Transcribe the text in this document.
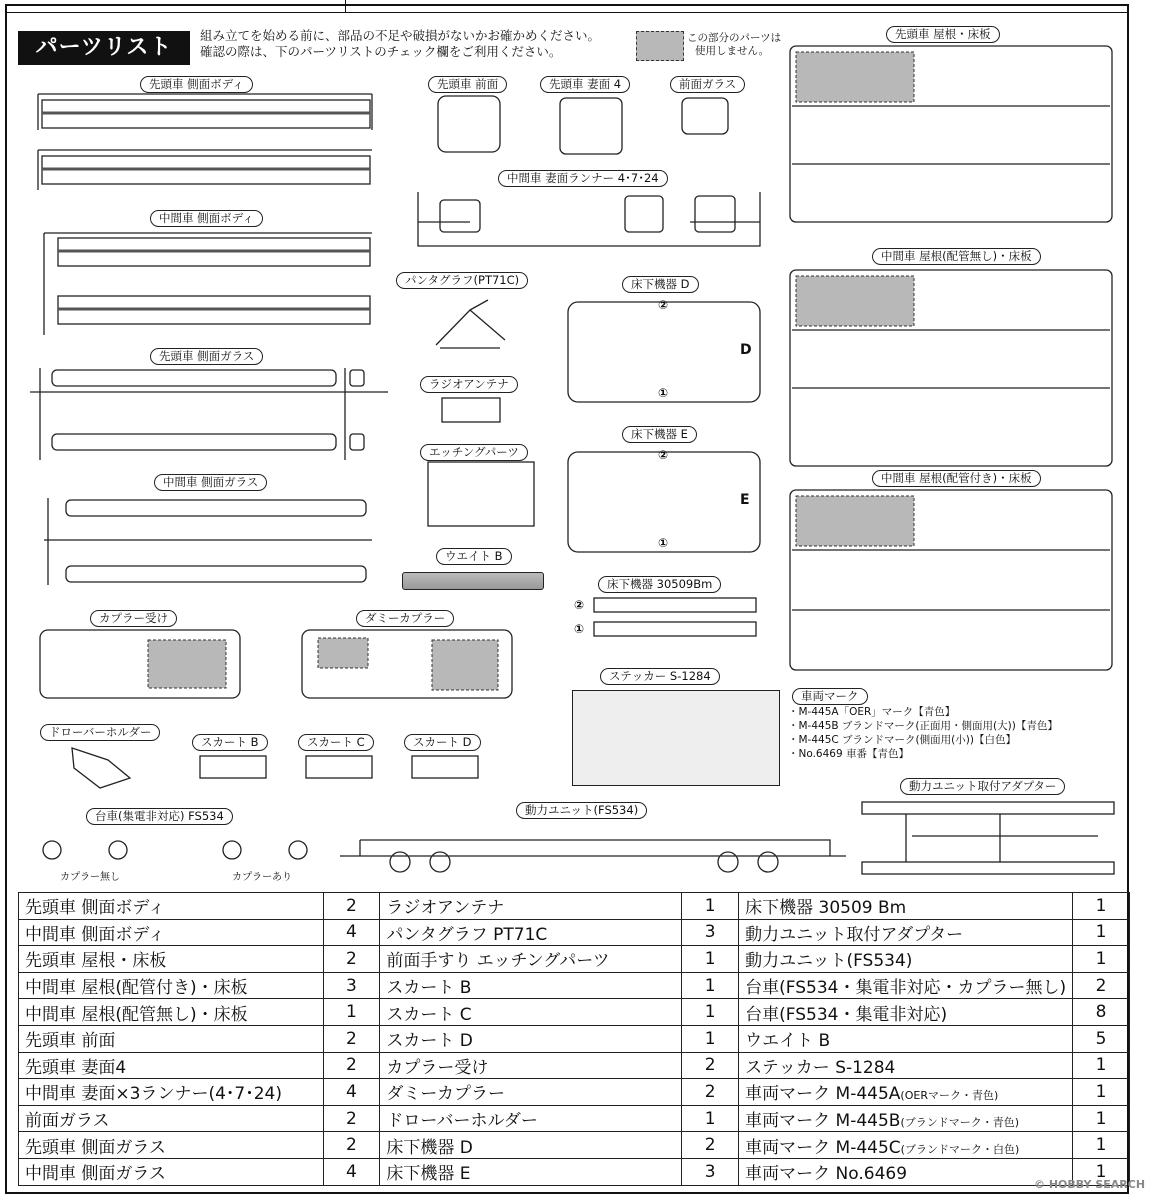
パーツリスト	組み立てを始める前に、部品の不足や破損がないかお確かめください。
確認の際は、下のパーツリストのチェック欄をご利用ください。
この部分のパーツは
使用しません。
先頭車 側面ボディ	先頭車 前面	先頭車 妻面 4	前面ガラス
先頭車 屋根・床板
中間車 妻面ランナー 4･7･24
中間車 側面ボディ
パンタグラフ(PT71C)	床下機器 D
中間車 屋根(配管無し)・床板
先頭車 側面ガラス
ラジオアンテナ
床下機器 E
エッチングパーツ
中間車 側面ガラス	中間車 屋根(配管付き)・床板
ウエイト B
床下機器 30509Bm
カプラー受け	ダミーカプラー
ステッカー S-1284
車両マーク
ドローバーホルダー
スカート B	スカート C	スカート D
台車(集電非対応) FS534	動力ユニット(FS534)
動力ユニット取付アダプター
カプラー無し	カプラーあり
②
①
D
②
①
E
②
①
・M-445A「OER」マーク【青色】
・M-445B ブランドマーク(正面用・側面用(大))【青色】
・M-445C ブランドマーク(側面用(小))【白色】
・No.6469 車番【青色】
先頭車 側面ボディ	2	ラジオアンテナ	1	床下機器 30509 Bm	1
中間車 側面ボディ	4	パンタグラフ PT71C	3	動力ユニット取付アダプター	1
先頭車 屋根・床板	2	前面手すり エッチングパーツ	1	動力ユニット(FS534)	1
中間車 屋根(配管付き)・床板	3	スカート B	1	台車(FS534・集電非対応・カプラー無し)	2
中間車 屋根(配管無し)・床板	1	スカート C	1	台車(FS534・集電非対応)	8
先頭車 前面	2	スカート D	1	ウエイト B	5
先頭車 妻面4	2	カプラー受け	2	ステッカー S-1284	1
中間車 妻面×3ランナー(4･7･24)	4	ダミーカプラー	2	車両マーク M-445A(OERマーク・青色)	1
前面ガラス	2	ドローバーホルダー	1	車両マーク M-445B(ブランドマーク・青色)	1
先頭車 側面ガラス	2	床下機器 D	2	車両マーク M-445C(ブランドマーク・白色)	1
中間車 側面ガラス	4	床下機器 E	3	車両マーク No.6469	1
© HOBBY SEARCH
